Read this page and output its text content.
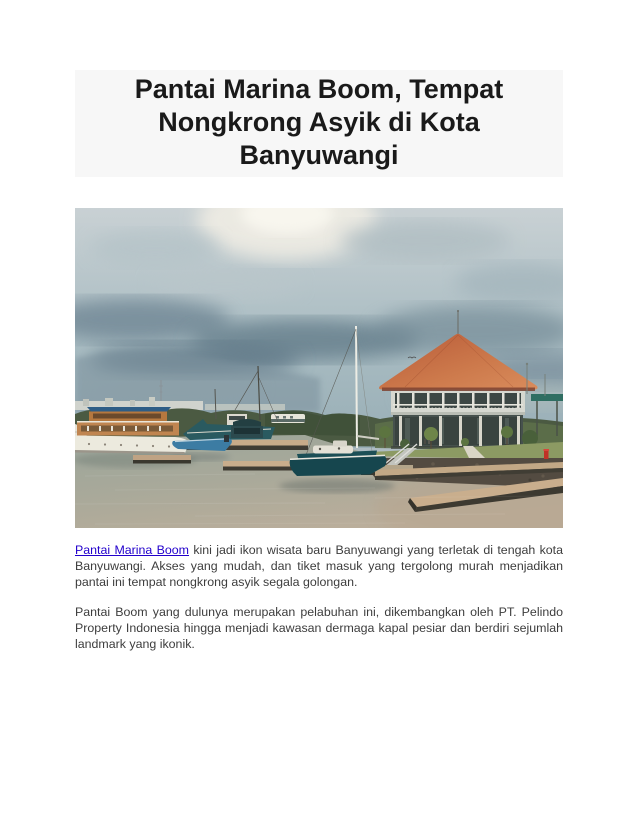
Pantai Marina Boom, Tempat Nongkrong Asyik di Kota Banyuwangi

Pantai Marina Boom kini jadi ikon wisata baru Banyuwangi yang terletak di tengah kota Banyuwangi. Akses yang mudah, dan tiket masuk yang tergolong murah menjadikan pantai ini tempat nongkrong asyik segala golongan.

Pantai Boom yang dulunya merupakan pelabuhan ini, dikembangkan oleh PT. Pelindo Property Indonesia hingga menjadi kawasan dermaga kapal pesiar dan berdiri sejumlah landmark yang ikonik.
